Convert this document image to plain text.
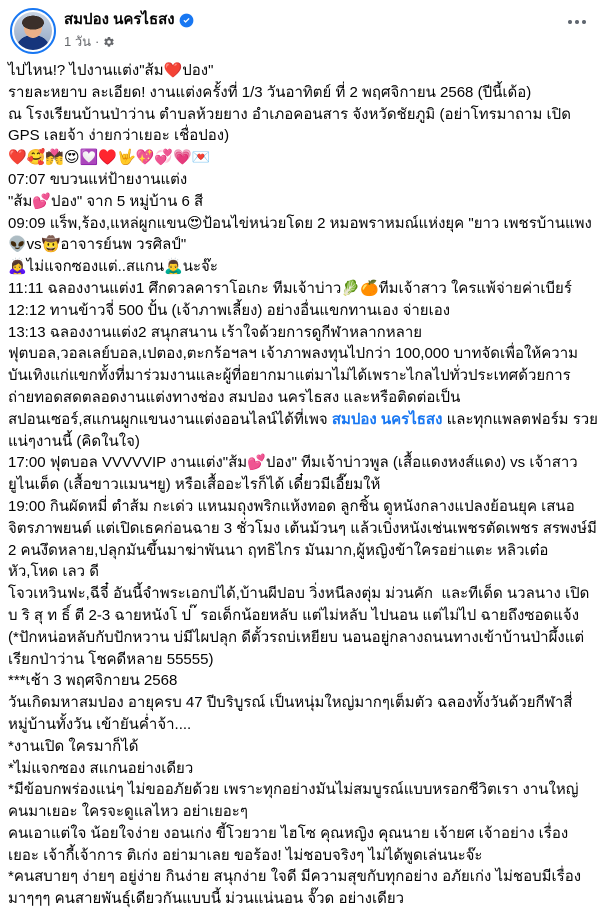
สมปอง นครไธสง
1 วัน ·
ไปไหน!? ไปงานแต่ง"ส้ม❤️ปอง"
รายละหยาบ ละเอียด! งานแต่งครั้งที่ 1/3 วันอาทิตย์ ที่ 2 พฤศจิกายน 2568 (ปีนี้เด้อ)
ณ โรงเรียนบ้านป่าว่าน ตำบลห้วยยาง อำเภอคอนสาร จังหวัดชัยภูมิ (อย่าโทรมาถาม เปิด GPS เลยจ้า ง่ายกว่าเยอะ เชื่อปอง)
❤️🥰💏😍💟♥️🤟💖💞💗💌
07:07 ขบวนแห่ป้ายงานแต่ง
"ส้ม💕ปอง" จาก 5 หมู่บ้าน 6 สี
09:09 แร็พ,ร้อง,แหล่ผูกแขน😍ป้อนไข่หน่วยโดย 2 หมอพราหมณ์แห่งยุค "ยาว เพชรบ้านแพง👽vs🤠อาจารย์นพ วรศิลป์"
🙇‍♀️ไม่แจกซองแต่..สแกน🙇‍♂️นะจ๊ะ
11:11 ฉลองงานแต่ง1 ศึกดวลคาราโอเกะ ทีมเจ้าบ่าว🥬🍊ทีมเจ้าสาว ใครแพ้จ่ายค่าเบียร์
12:12 ทานข้าวจี่ 500 ปั้น (เจ้าภาพเลี้ยง) อย่างอื่นแขกทานเอง จ่ายเอง
13:13 ฉลองงานแต่ง2 สนุกสนาน เร้าใจด้วยการดูกีฬาหลากหลายฟุตบอล,วอลเลย์บอล,เปตอง,ตะกร้อฯลฯ เจ้าภาพลงทุนไปกว่า 100,000 บาทจัดเพื่อให้ความบันเทิงแก่แขกทั้งที่มาร่วมงานและผู้ที่อยากมาแต่มาไม่ได้เพราะไกลไปทั่วประเทศด้วยการถ่ายทอดสดตลอดงานแต่งทางช่อง สมปอง นครไธสง และหรือติดต่อเป็น
สปอนเซอร์,สแกนผูกแขนงานแต่งออนไลน์ได้ที่เพจ สมปอง นครไธสง และทุกแพลตฟอร์ม รวยแน่ๆงานนี้ (คิดในใจ)
17:00 ฟุตบอล VVVVVIP งานแต่ง"ส้ม💕ปอง" ทีมเจ้าบ่าวพูล (เสื้อแดงหงส์แดง) vs เจ้าสาวยูไนเต็ด (เสื้อขาวแมนฯยู) หรือเสื้ออะไรก็ได้ เดี๋ยวมีเอี๊ยมให้
19:00 กินผัดหมี่ ตำส้ม กะเด่ว แหนมถุงพริกแห้งทอด ลูกชิ้น ดูหนังกลางแปลงย้อนยุค เสนอจิตรภาพยนต์ แต่เปิดเธคก่อนฉาย 3 ชั่วโมง เต้นม้วนๆ แล้วเบิ่งหนังเช่นเพชรตัดเพชร สรพงษ์มี 2 คนงึดหลาย,ปลุกมันขึ้นมาฆ่าพันนา ฤทธิไกร มันมาก,ผู้หญิงข้าใครอย่าแตะ หลิวเต๋อหัว,โหด เลว ดี
โจวเหวินฟะ,ฉีจี๋ อันนี้จำพระเอกบ่ได้,บ้านผีปอบ วิ่งหนีลงตุ่ม ม่วนคัก  และทีเด็ด นวลนาง เปิด บ ริ สุ ท ธิ์ ตี 2-3 ฉายหนังโ ป ๊ รอเด็กน้อยหลับ แต่ไม่หลับ ไปนอน แต่ไม่ไป ฉายถึงซอดแจ้ง (*ปักหน่อหลับกับปักหวาน บ่มีไผปลุก ดีตั้วรถบ่เหยียบ นอนอยู่กลางถนนทางเข้าบ้านป่าผึ้งแต่เรียกป่าว่าน โชคดีหลาย 55555)
***เช้า 3 พฤศจิกายน 2568
วันเกิดมหาสมปอง อายุครบ 47 ปีบริบูรณ์ เป็นหนุ่มใหญ่มากๆเต็มตัว ฉลองทั้งวันด้วยกีฬาสี่หมู่บ้านทั้งวัน เข้ายันค่ำจ้า....
*งานเปิด ใครมาก็ได้
*ไม่แจกซอง สแกนอย่างเดียว
*มีข้อบกพร่องแน่ๆ ไม่ขออภัยด้วย เพราะทุกอย่างมันไม่สมบูรณ์แบบหรอกชีวิตเรา งานใหญ่  คนมาเยอะ ใครจะดูแลไหว อย่าเยอะๆ
คนเอาแต่ใจ น้อยใจง่าย งอนเก่ง ขี้โวยวาย ไฮโซ คุณหญิง คุณนาย เจ้ายศ เจ้าอย่าง เรื่องเยอะ เจ้ากี้เจ้าการ ติเก่ง อย่ามาเลย ขอร้อง! ไม่ชอบจริงๆ ไม่ได้พูดเล่นนะจ๊ะ
*คนสบายๆ ง่ายๆ อยู่ง่าย กินง่าย สนุกง่าย ใจดี มีความสุขกับทุกอย่าง อภัยเก่ง ไม่ชอบมีเรื่อง มาๆๆๆ คนสายพันธุ์เดียวกันแบบนี้ ม่วนแน่นอน จั๊วด อย่างเดียว
